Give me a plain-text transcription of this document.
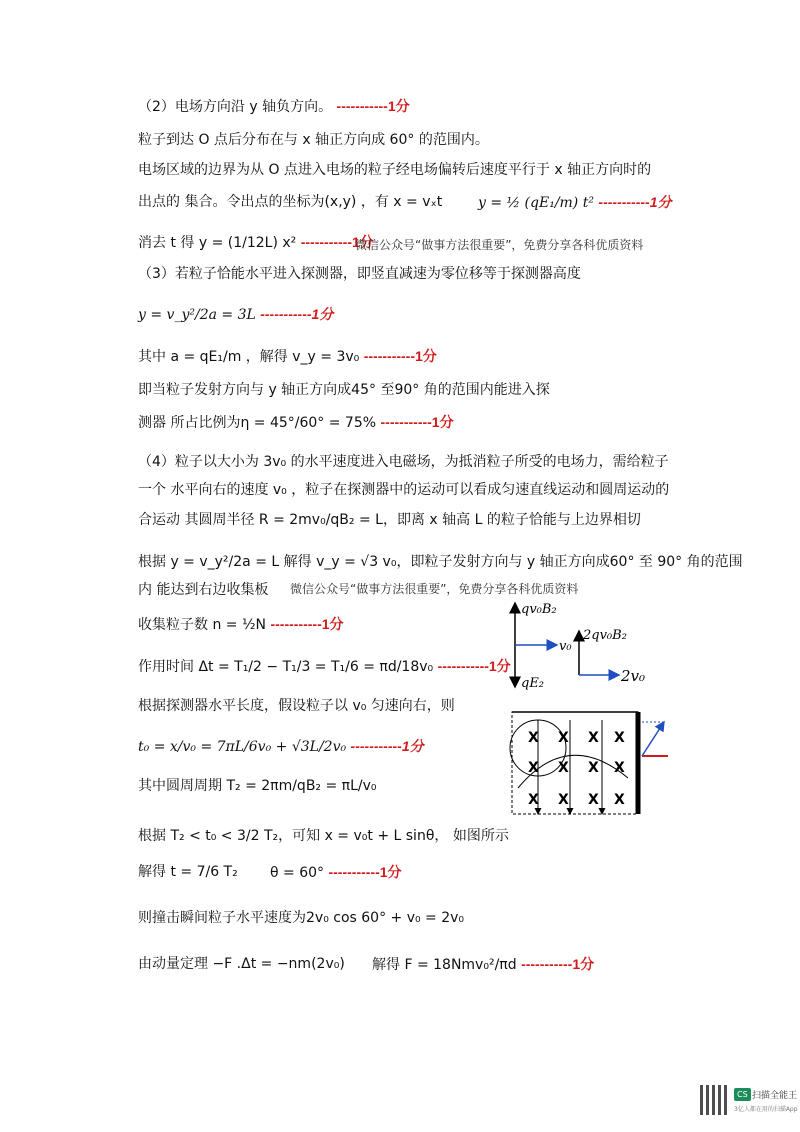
（2）电场方向沿 y 轴负方向。 -----------1分
粒子到达 O 点后分布在与 x 轴正方向成 60° 的范围内。
电场区域的边界为从 O 点进入电场的粒子经电场偏转后速度平行于 x 轴正方向时的
出点的 集合。令出点的坐标为(x,y) ，有 x = vₓt	y = ½ (qE₁/m) t² -----------1分
消去 t 得 y = (1/12L) x² -----------1分
微信公众号“做事方法很重要”，免费分享各科优质资料
（3）若粒子恰能水平进入探测器，即竖直减速为零位移等于探测器高度
y = v_y²/2a = 3L -----------1分
其中 a = qE₁/m ，解得 v_y = 3v₀ -----------1分
即当粒子发射方向与 y 轴正方向成45° 至90° 角的范围内能进入探
测器 所占比例为η = 45°/60° = 75% -----------1分
（4）粒子以大小为 3v₀ 的水平速度进入电磁场，为抵消粒子所受的电场力，需给粒子
一个 水平向右的速度 v₀ ，粒子在探测器中的运动可以看成匀速直线运动和圆周运动的
合运动 其圆周半径 R = 2mv₀/qB₂ = L，即离 x 轴高 L 的粒子恰能与上边界相切
根据 y = v_y²/2a = L 解得 v_y = √3 v₀，即粒子发射方向与 y 轴正方向成60° 至 90° 角的范围
内 能达到右边收集板 微信公众号“做事方法很重要”，免费分享各科优质资料
收集粒子数 n = ½N -----------1分
作用时间 Δt = T₁/2 − T₁/3 = T₁/6 = πd/18v₀ -----------1分
根据探测器水平长度，假设粒子以 v₀ 匀速向右，则
t₀ = x/v₀ = 7πL/6v₀ + √3L/2v₀ -----------1分
其中圆周周期 T₂ = 2πm/qB₂ = πL/v₀
根据 T₂ < t₀ < 3/2 T₂，可知 x = v₀t + L sinθ， 如图所示
解得 t = 7/6 T₂ θ = 60° -----------1分
则撞击瞬间粒子水平速度为2v₀ cos 60° + v₀ = 2v₀
由动量定理 −F .Δt = −nm(2v₀) 解得 F = 18Nmv₀²/πd -----------1分
qv₀B₂
qE₂
v₀
2qv₀B₂
2v₀
X X X X
X X X X
X X X X
CS 扫描全能王
3亿人都在用的扫描App
